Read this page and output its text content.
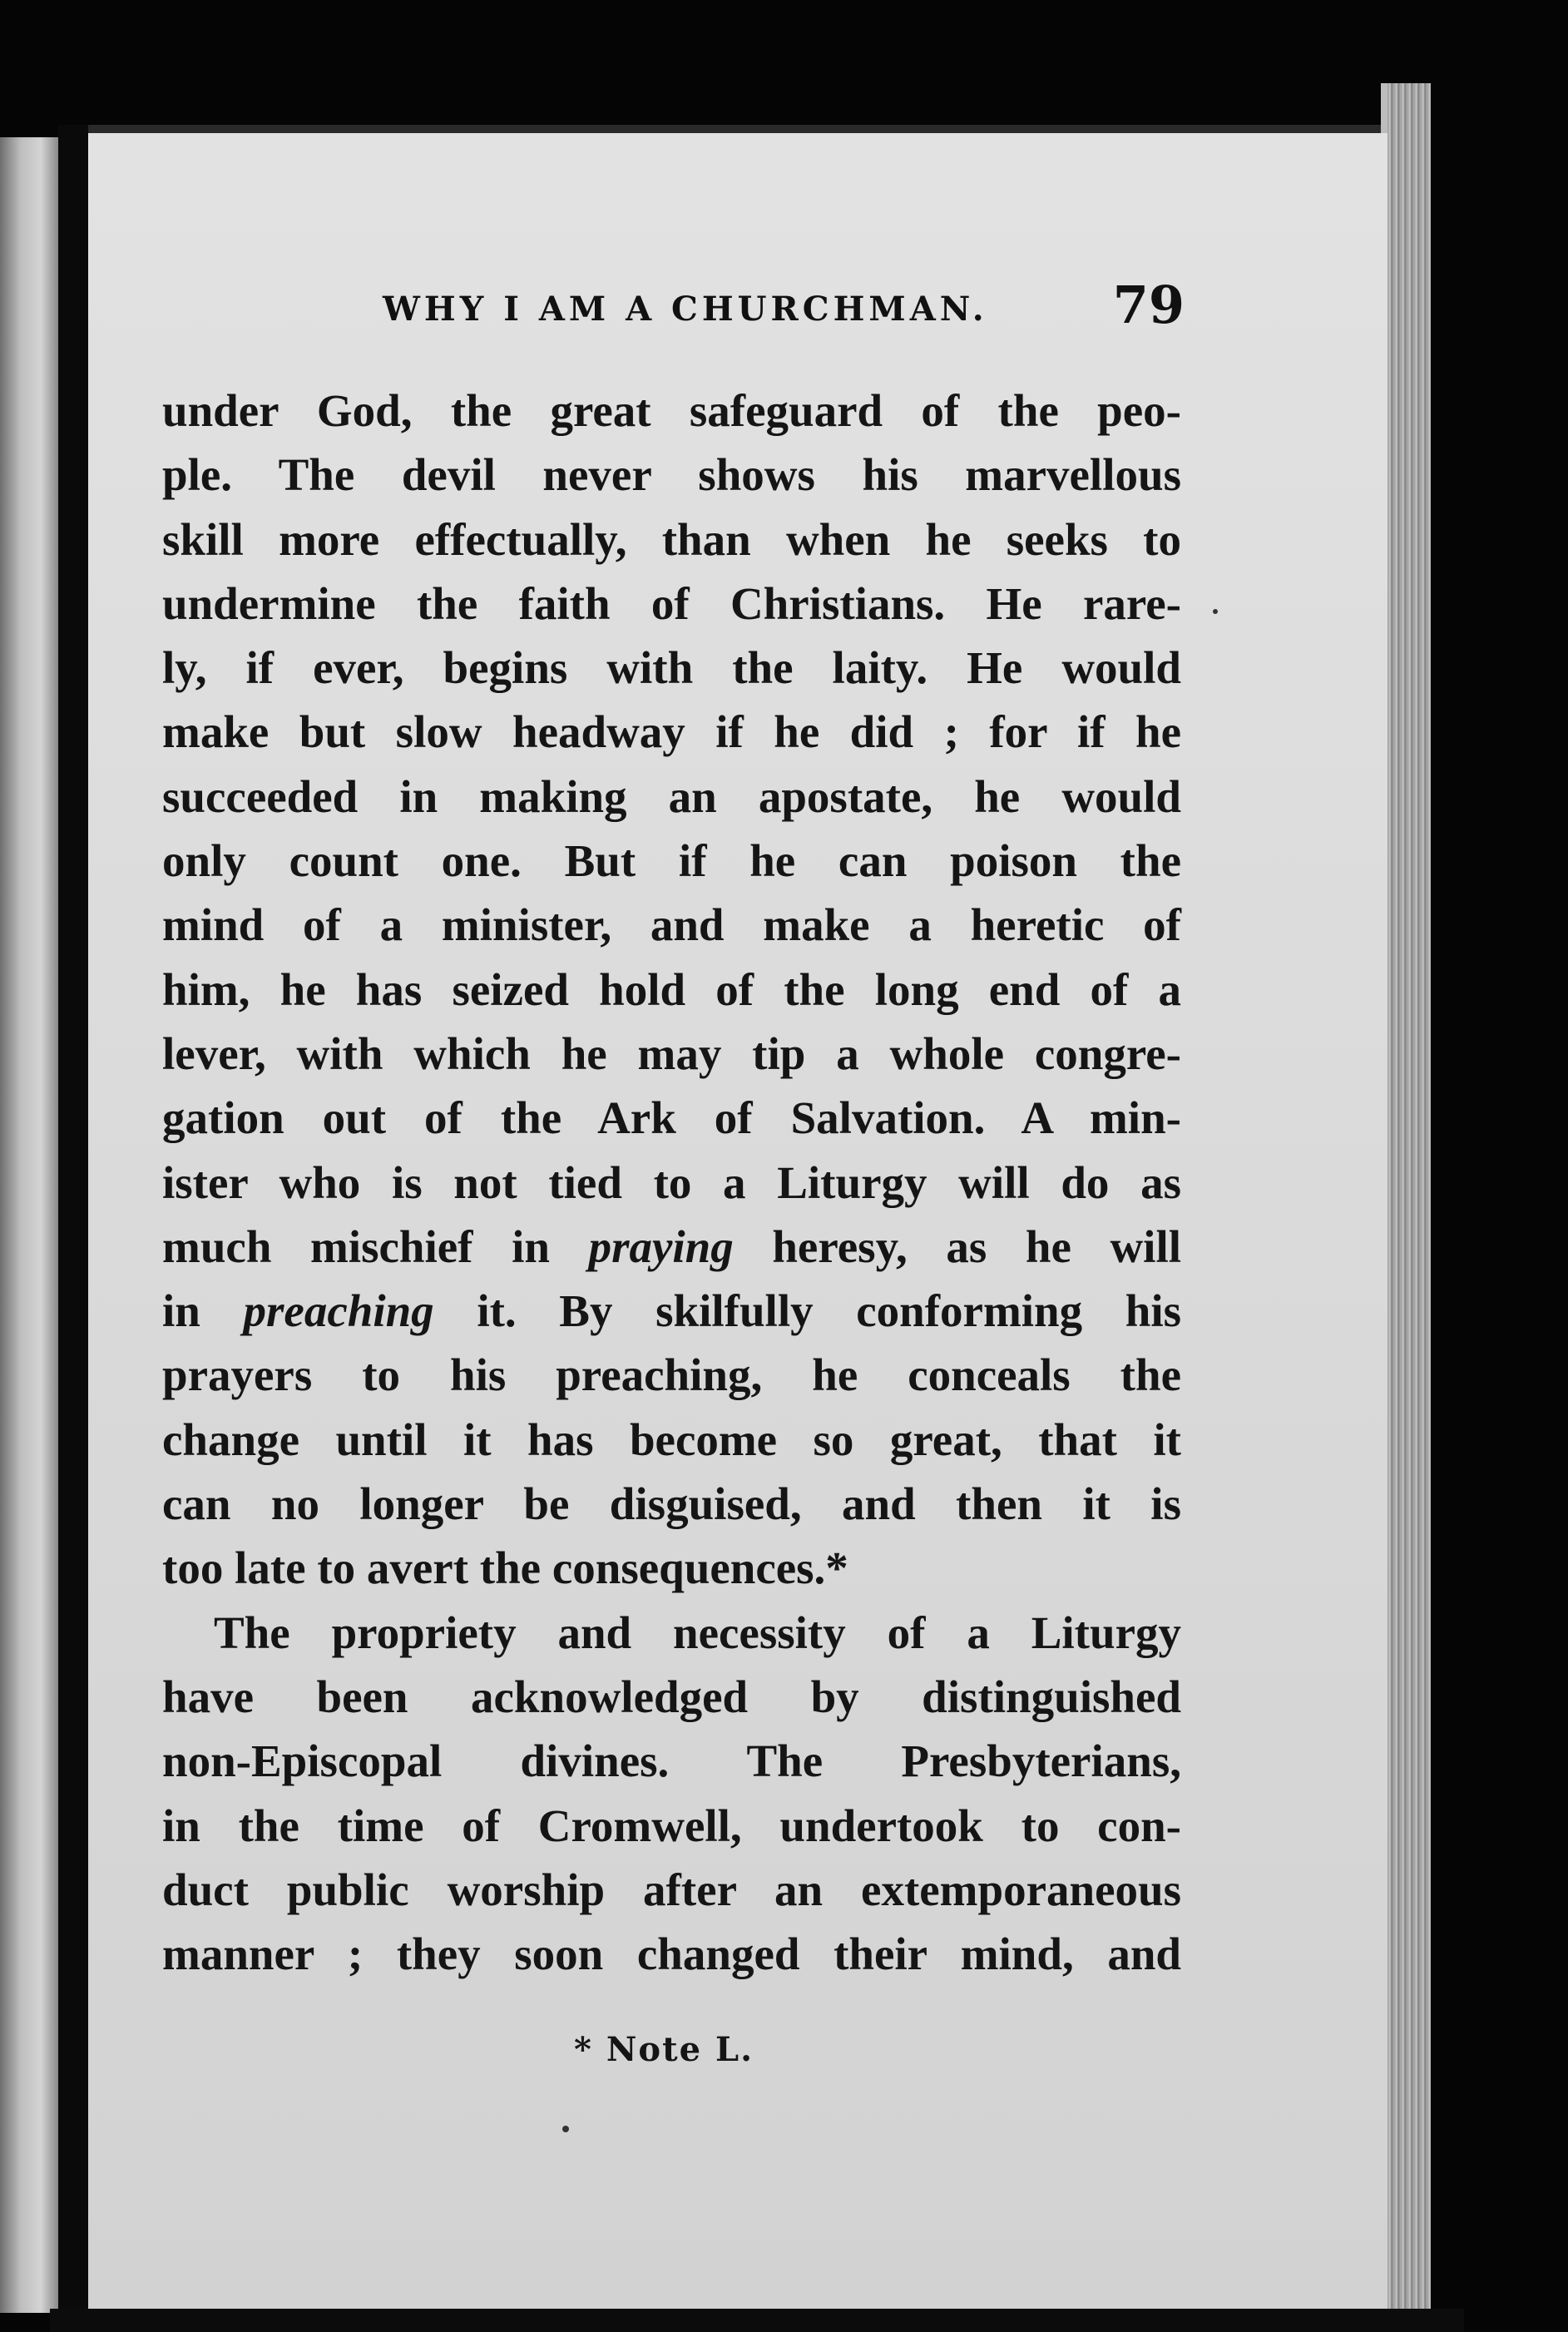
WHY I AM A CHURCHMAN. 79
under God, the great safeguard of the peo-
ple. The devil never shows his marvellous
skill more effectually, than when he seeks to
undermine the faith of Christians. He rare-
ly, if ever, begins with the laity. He would
make but slow headway if he did ; for if he
succeeded in making an apostate, he would
only count one. But if he can poison the
mind of a minister, and make a heretic of
him, he has seized hold of the long end of a
lever, with which he may tip a whole congre-
gation out of the Ark of Salvation. A min-
ister who is not tied to a Liturgy will do as
much mischief in praying heresy, as he will
in preaching it. By skilfully conforming his
prayers to his preaching, he conceals the
change until it has become so great, that it
can no longer be disguised, and then it is
too late to avert the consequences.*
The propriety and necessity of a Liturgy
have been acknowledged by distinguished
non-Episcopal divines. The Presbyterians,
in the time of Cromwell, undertook to con-
duct public worship after an extemporaneous
manner ; they soon changed their mind, and
* Note L.
